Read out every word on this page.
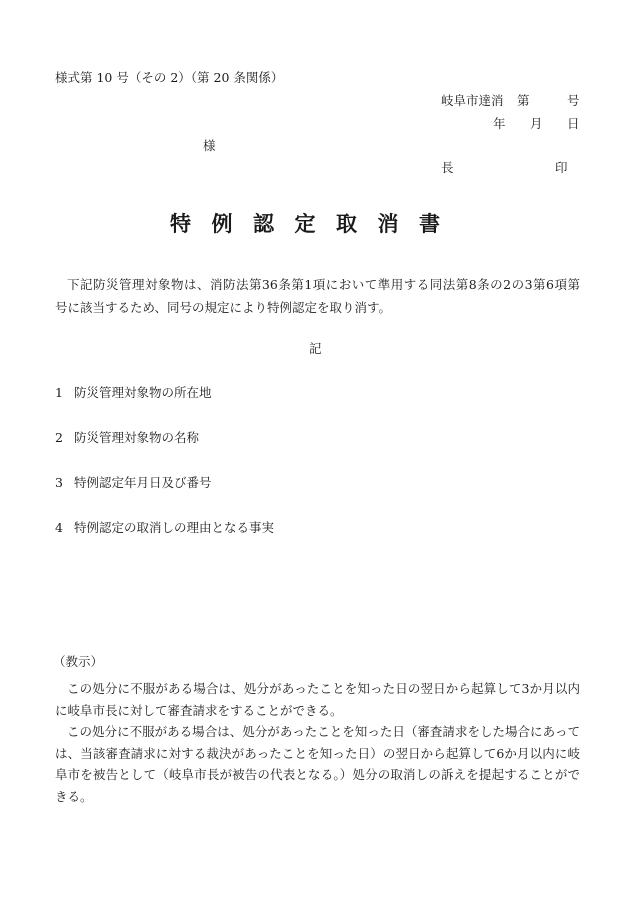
様式第 10 号（その 2）（第 20 条関係）
岐阜市達消 第	号
年 月 日
様
長	印
特例認定取消書
下記防災管理対象物は、消防法第36条第1項において準用する同法第8条の2の3第6項第　号に該当するため、同号の規定により特例認定を取り消す。
記
1 防災管理対象物の所在地
2 防災管理対象物の名称
3 特例認定年月日及び番号
4 特例認定の取消しの理由となる事実
（教示）
この処分に不服がある場合は、処分があったことを知った日の翌日から起算して3か月以内に岐阜市長に対して審査請求をすることができる。
この処分に不服がある場合は、処分があったことを知った日（審査請求をした場合にあっては、当該審査請求に対する裁決があったことを知った日）の翌日から起算して6か月以内に岐阜市を被告として（岐阜市長が被告の代表となる。）処分の取消しの訴えを提起することができる。
